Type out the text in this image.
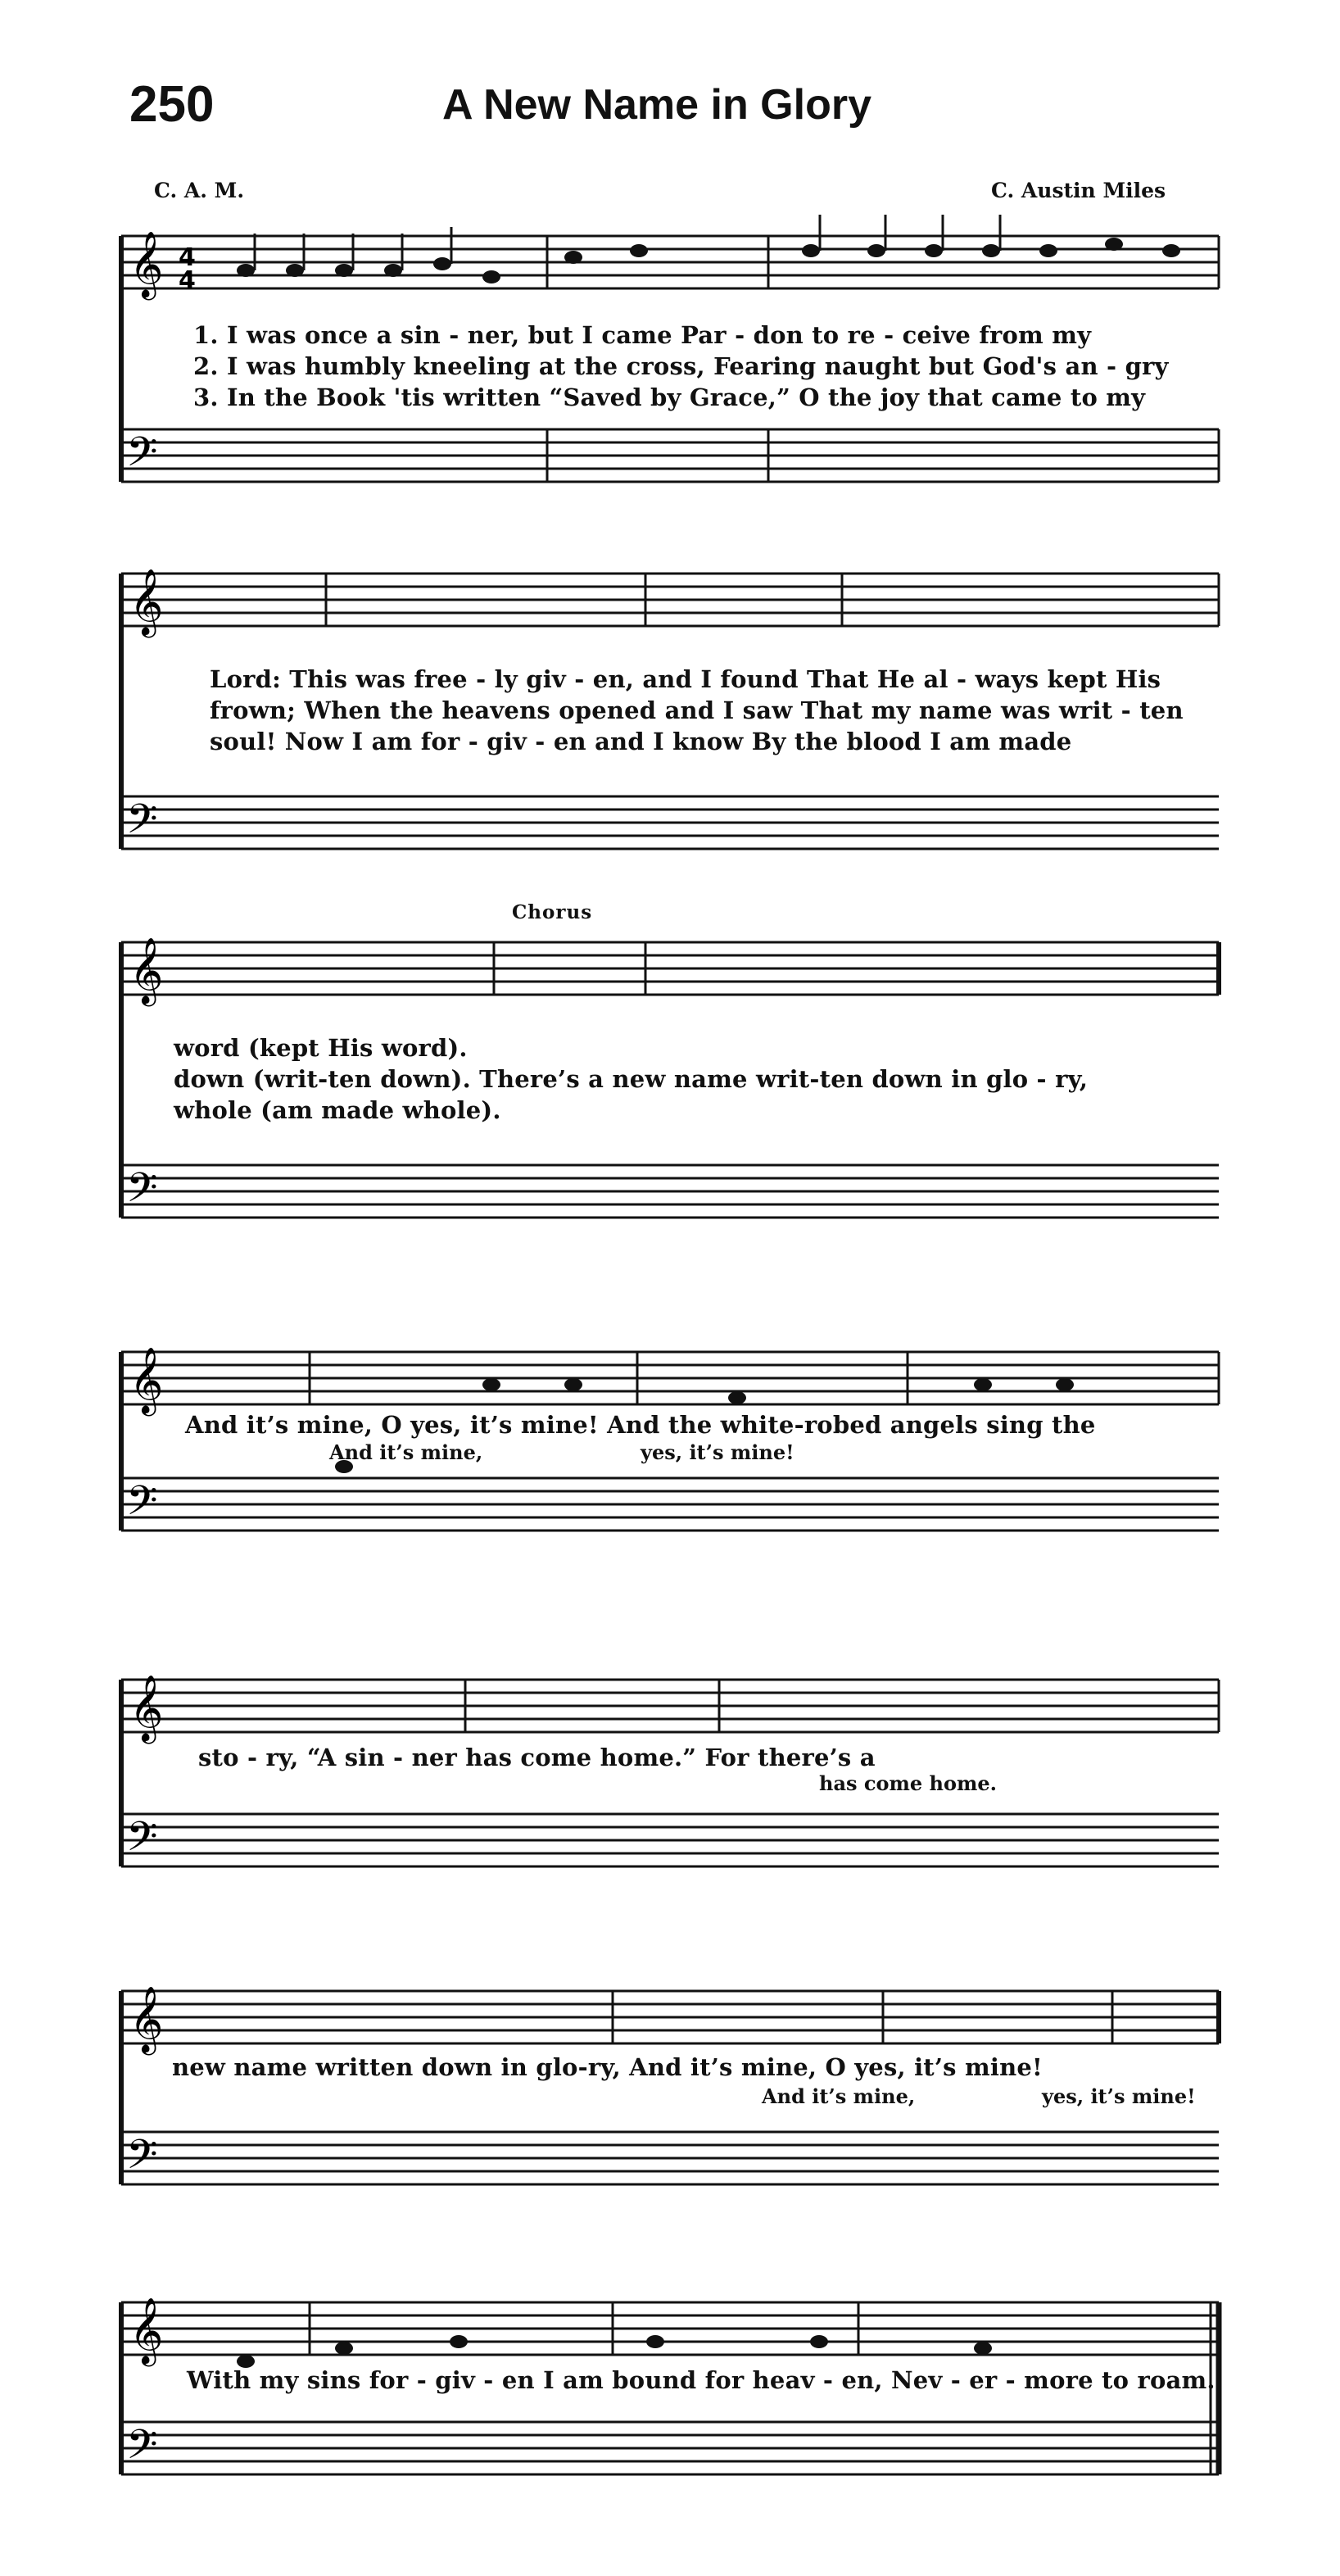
250	A New Name in Glory
C. A. M.	C. Austin Miles
𝄞
𝄢
4
4
𝄞
𝄢
𝄞
𝄢
𝄞
𝄢
𝄞
𝄢
𝄞
𝄢
𝄞
𝄢
1. I was once a sin - ner, but I came Par - don to re - ceive from my
2. I was humbly kneeling at the cross, Fearing naught but God's an - gry
3. In the Book 'tis written “Saved by Grace,” O the joy that came to my
Lord: This was free - ly giv - en, and I found That He al - ways kept His
frown; When the heavens opened and I saw That my name was writ - ten
soul! Now I am for - giv - en and I know By the blood I am made
Chorus
word (kept His word).
down (writ-ten down). There’s a new name writ-ten down in glo - ry,
whole (am made whole).
And it’s mine, O yes, it’s mine! And the white-robed angels sing the
And it’s mine,	yes, it’s mine!
sto - ry, “A sin - ner has come home.” For there’s a
has come home.
new name written down in glo-ry, And it’s mine, O yes, it’s mine!
And it’s mine,	yes, it’s mine!
With my sins for - giv - en I am bound for heav - en, Nev - er - more to roam.
